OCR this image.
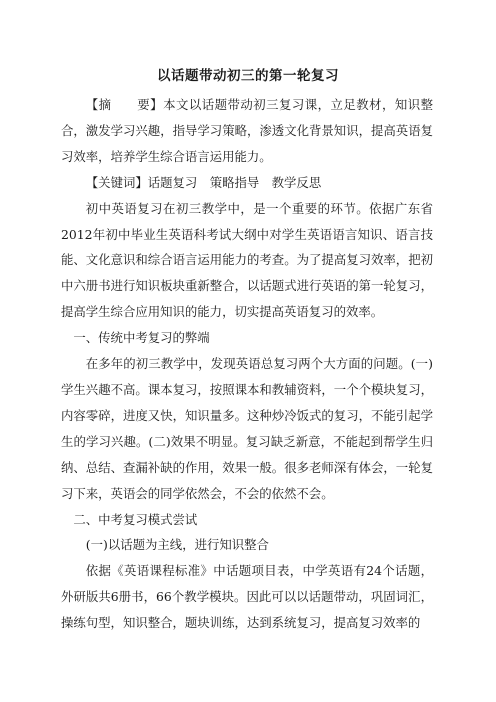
以话题带动初三的第一轮复习

【摘　　要】本文以话题带动初三复习课，立足教材，知识整合，激发学习兴趣，指导学习策略，渗透文化背景知识，提高英语复习效率，培养学生综合语言运用能力。

【关键词】话题复习　策略指导　教学反思

初中英语复习在初三教学中，是一个重要的环节。依据广东省2012年初中毕业生英语科考试大纲中对学生英语语言知识、语言技能、文化意识和综合语言运用能力的考查。为了提高复习效率，把初中六册书进行知识板块重新整合，以话题式进行英语的第一轮复习，提高学生综合应用知识的能力，切实提高英语复习的效率。

一、传统中考复习的弊端

在多年的初三教学中，发现英语总复习两个大方面的问题。(一)学生兴趣不高。课本复习，按照课本和教辅资料，一个个模块复习，内容零碎，进度又快，知识量多。这种炒冷饭式的复习，不能引起学生的学习兴趣。(二)效果不明显。复习缺乏新意，不能起到帮学生归纳、总结、查漏补缺的作用，效果一般。很多老师深有体会，一轮复习下来，英语会的同学依然会，不会的依然不会。

二、中考复习模式尝试

(一)以话题为主线，进行知识整合

依据《英语课程标准》中话题项目表，中学英语有24个话题，外研版共6册书，66个教学模块。因此可以以话题带动，巩固词汇，操练句型，知识整合，题块训练，达到系统复习，提高复习效率的
